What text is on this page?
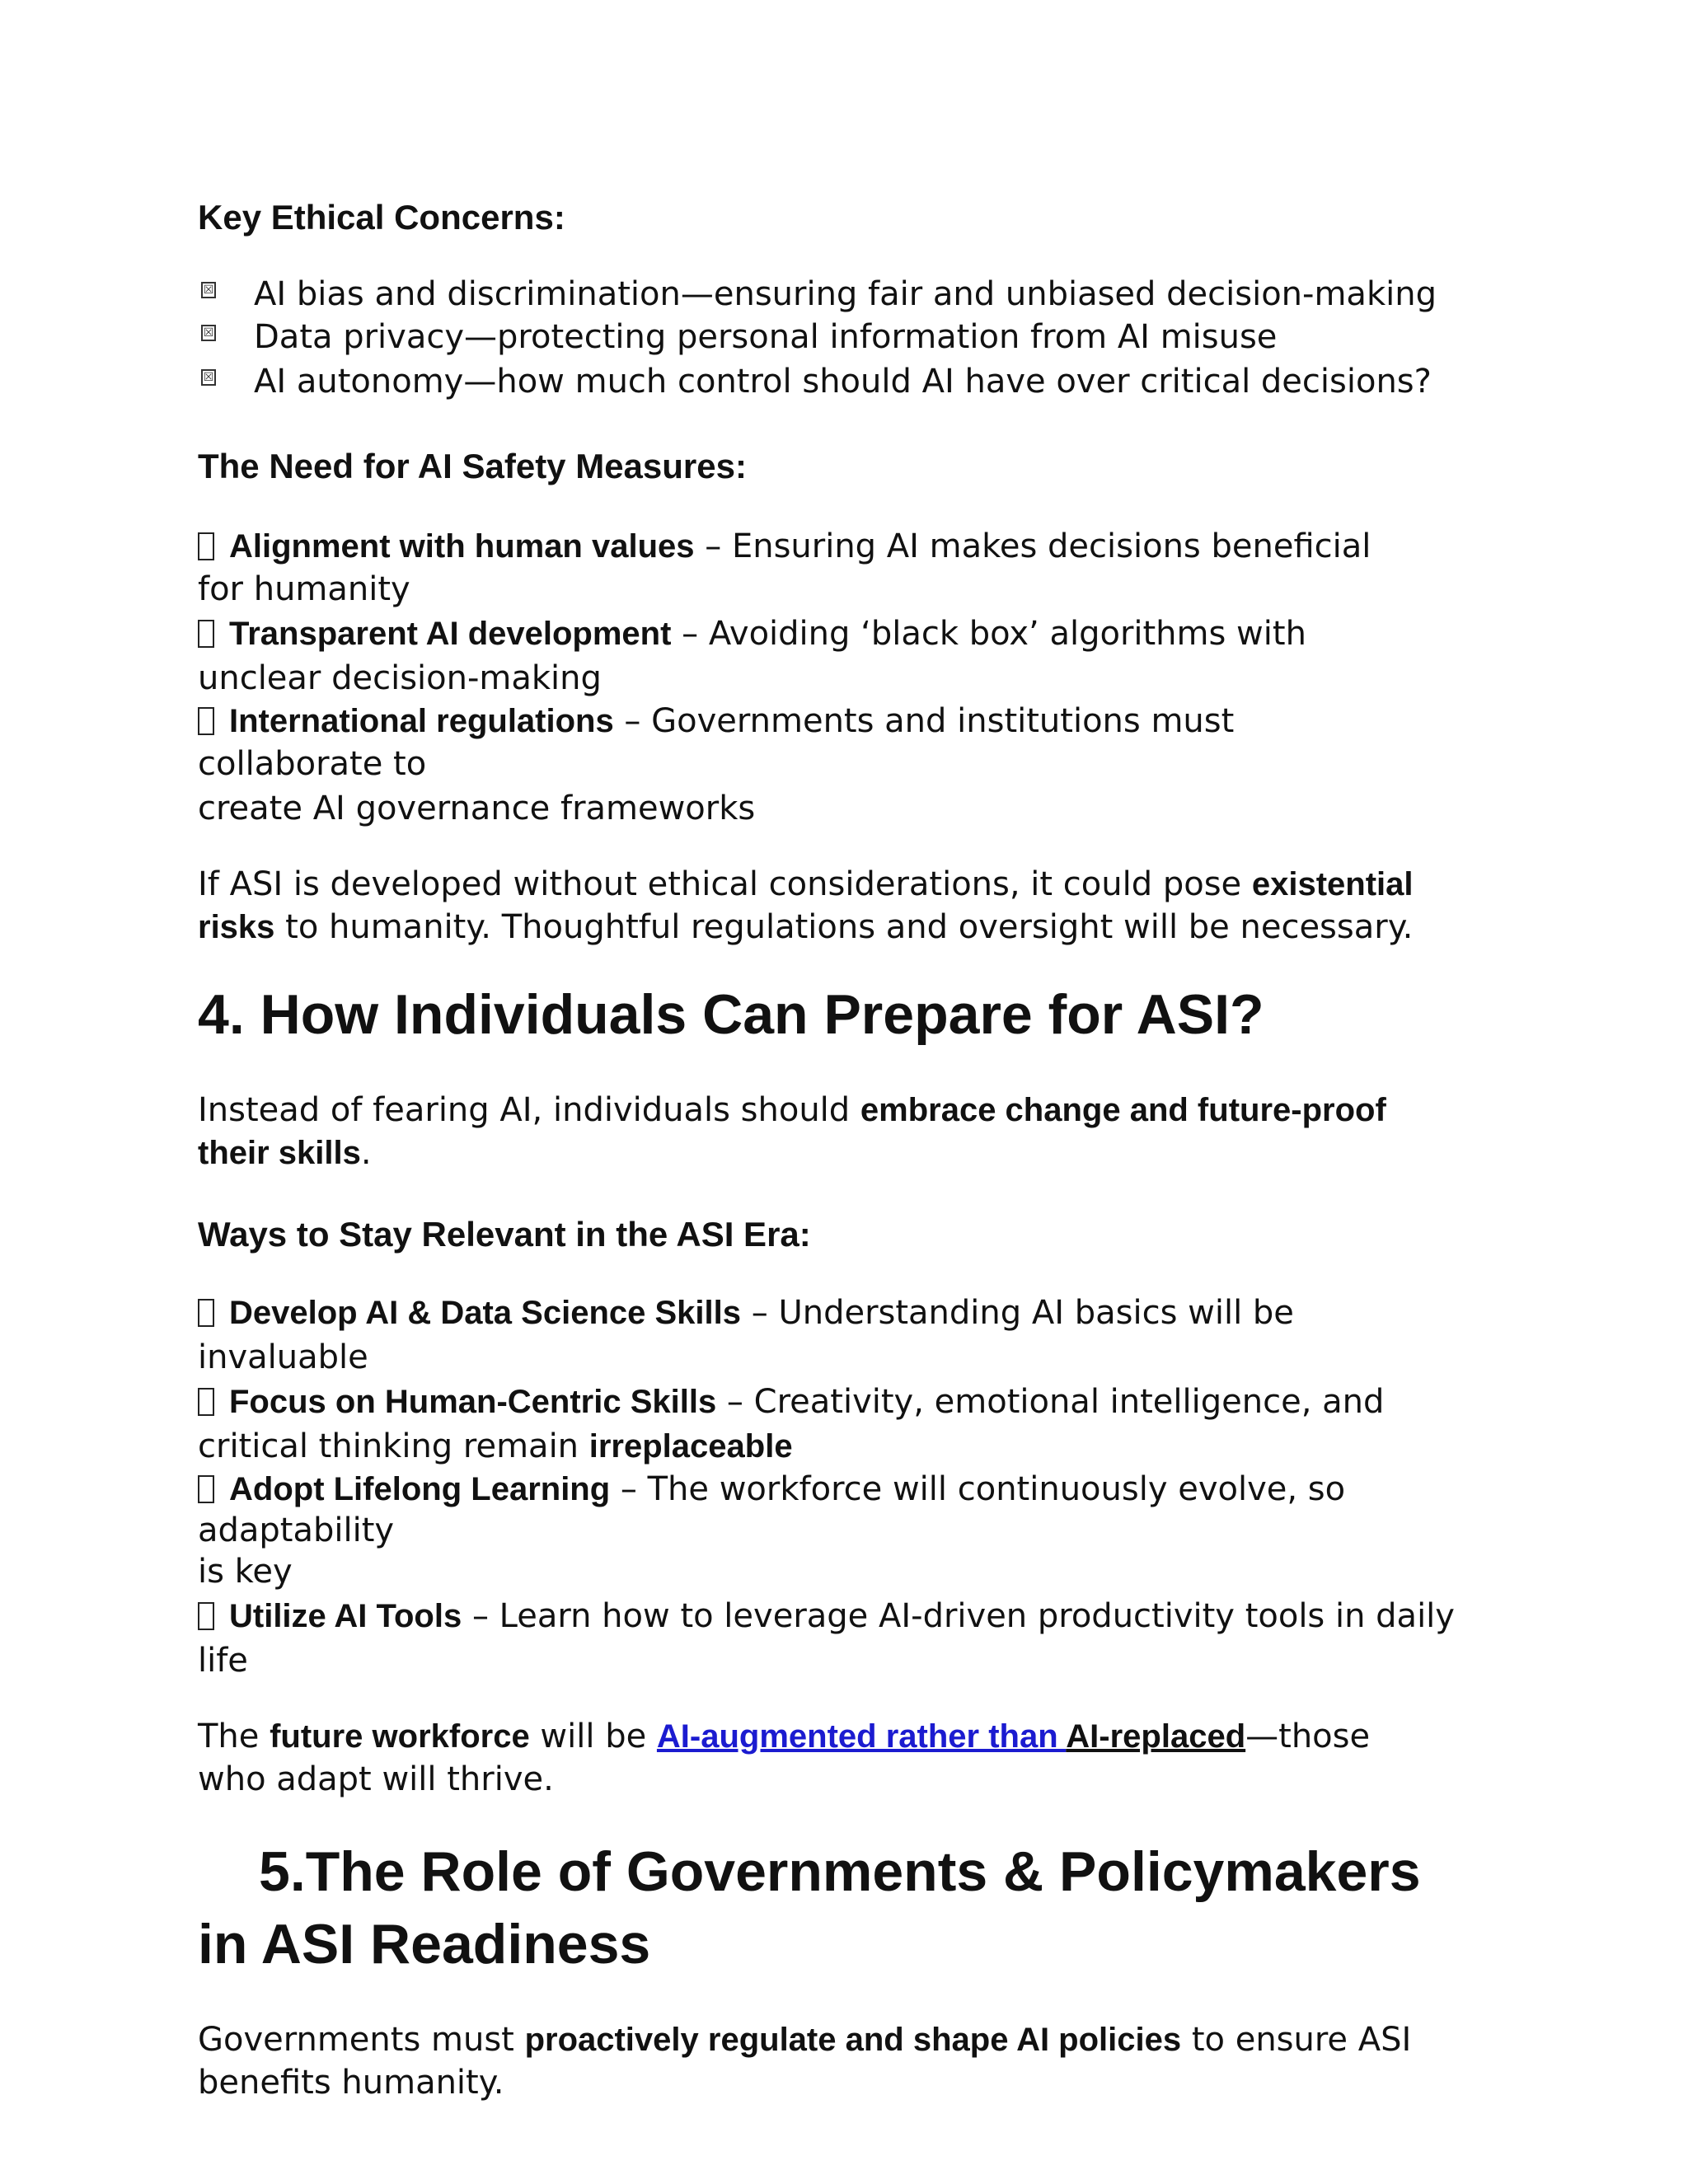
Key Ethical Concerns:
☒ AI bias and discrimination—ensuring fair and unbiased decision-making
☒ Data privacy—protecting personal information from AI misuse
☒ AI autonomy—how much control should AI have over critical decisions?
The Need for AI Safety Measures:
Alignment with human values – Ensuring AI makes decisions beneficial
for humanity
Transparent AI development – Avoiding ‘black box’ algorithms with
unclear decision-making
International regulations – Governments and institutions must
collaborate to
create AI governance frameworks
If ASI is developed without ethical considerations, it could pose existential
risks to humanity. Thoughtful regulations and oversight will be necessary.
4. How Individuals Can Prepare for ASI?
Instead of fearing AI, individuals should embrace change and future-proof
their skills.
Ways to Stay Relevant in the ASI Era:
Develop AI & Data Science Skills – Understanding AI basics will be
invaluable
Focus on Human-Centric Skills – Creativity, emotional intelligence, and
critical thinking remain irreplaceable
Adopt Lifelong Learning – The workforce will continuously evolve, so
adaptability
is key
Utilize AI Tools – Learn how to leverage AI-driven productivity tools in daily
life
The future workforce will be AI-augmented rather than AI-replaced—those
who adapt will thrive.
5.The Role of Governments & Policymakers
in ASI Readiness
Governments must proactively regulate and shape AI policies to ensure ASI
benefits humanity.
